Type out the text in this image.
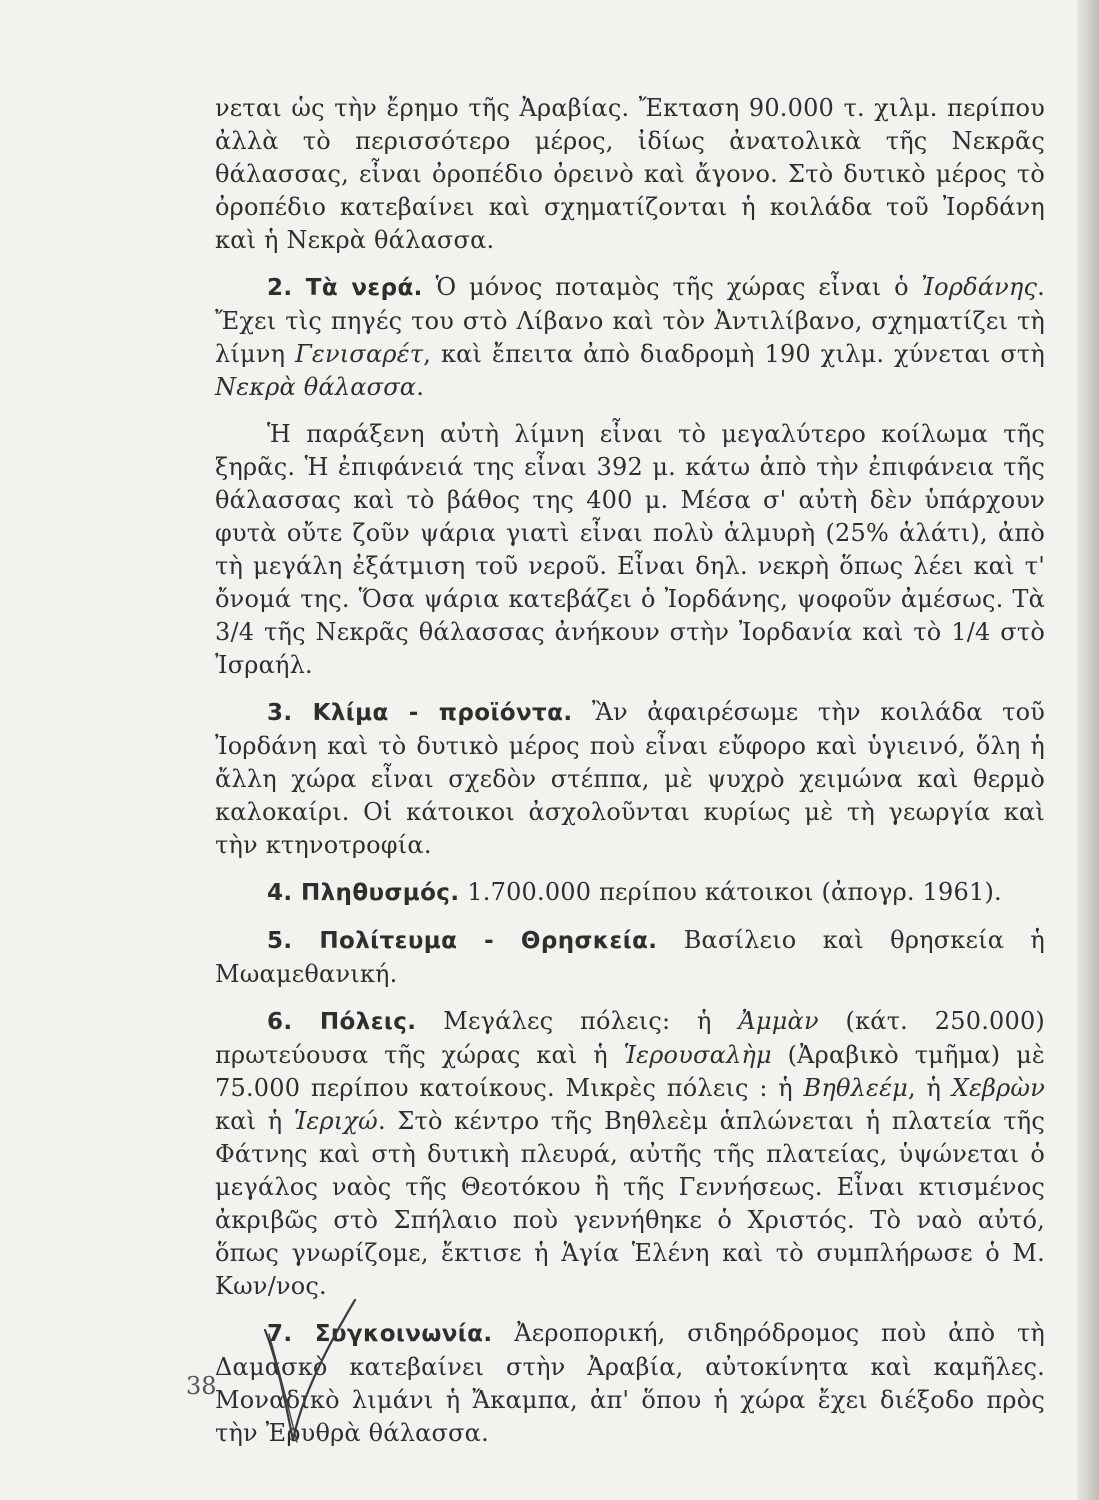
νεται ὡς τὴν ἔρημο τῆς Ἀραβίας. Ἔκταση 90.000 τ. χιλμ. περίπου ἀλλὰ τὸ περισσότερο μέρος, ἰδίως ἀνατολικὰ τῆς Νεκρᾶς θάλασσας, εἶναι ὀροπέδιο ὀρεινὸ καὶ ἄγονο. Στὸ δυτικὸ μέρος τὸ ὀροπέδιο κατεβαίνει καὶ σχηματίζονται ἡ κοιλάδα τοῦ Ἰορδάνη καὶ ἡ Νεκρὰ θάλασσα.

2. Τὰ νερά. Ὁ μόνος ποταμὸς τῆς χώρας εἶναι ὁ Ἰορδάνης. Ἔχει τὶς πηγές του στὸ Λίβανο καὶ τὸν Ἀντιλίβανο, σχηματίζει τὴ λίμνη Γενισαρέτ, καὶ ἔπειτα ἀπὸ διαδρομὴ 190 χιλμ. χύνεται στὴ Νεκρὰ θάλασσα.

Ἡ παράξενη αὐτὴ λίμνη εἶναι τὸ μεγαλύτερο κοίλωμα τῆς ξηρᾶς. Ἡ ἐπιφάνειά της εἶναι 392 μ. κάτω ἀπὸ τὴν ἐπιφάνεια τῆς θάλασσας καὶ τὸ βάθος της 400 μ. Μέσα σ' αὐτὴ δὲν ὑπάρχουν φυτὰ οὔτε ζοῦν ψάρια γιατὶ εἶναι πολὺ ἁλμυρὴ (25% ἁλάτι), ἀπὸ τὴ μεγάλη ἐξάτμιση τοῦ νεροῦ. Εἶναι δηλ. νεκρὴ ὅπως λέει καὶ τ' ὄνομά της. Ὅσα ψάρια κατεβάζει ὁ Ἰορδάνης, ψοφοῦν ἀμέσως. Τὰ 3/4 τῆς Νεκρᾶς θάλασσας ἀνήκουν στὴν Ἰορδανία καὶ τὸ 1/4 στὸ Ἰσραήλ.

3. Κλίμα - προϊόντα. Ἂν ἀφαιρέσωμε τὴν κοιλάδα τοῦ Ἰορδάνη καὶ τὸ δυτικὸ μέρος ποὺ εἶναι εὔφορο καὶ ὑγιεινό, ὅλη ἡ ἄλλη χώρα εἶναι σχεδὸν στέππα, μὲ ψυχρὸ χειμώνα καὶ θερμὸ καλοκαίρι. Οἱ κάτοικοι ἀσχολοῦνται κυρίως μὲ τὴ γεωργία καὶ τὴν κτηνοτροφία.

4. Πληθυσμός. 1.700.000 περίπου κάτοικοι (ἀπογρ. 1961).

5. Πολίτευμα - Θρησκεία. Βασίλειο καὶ θρησκεία ἡ Μωαμεθανική.

6. Πόλεις. Μεγάλες πόλεις: ἡ Ἀμμὰν (κάτ. 250.000) πρωτεύουσα τῆς χώρας καὶ ἡ Ἱερουσαλὴμ (Ἀραβικὸ τμῆμα) μὲ 75.000 περίπου κατοίκους. Μικρὲς πόλεις : ἡ Βηθλεέμ, ἡ Χεβρὼν καὶ ἡ Ἱεριχώ. Στὸ κέντρο τῆς Βηθλεὲμ ἁπλώνεται ἡ πλατεία τῆς Φάτνης καὶ στὴ δυτικὴ πλευρά, αὐτῆς τῆς πλατείας, ὑψώνεται ὁ μεγάλος ναὸς τῆς Θεοτόκου ἢ τῆς Γεννήσεως. Εἶναι κτισμένος ἀκριβῶς στὸ Σπήλαιο ποὺ γεννήθηκε ὁ Χριστός. Τὸ ναὸ αὐτό, ὅπως γνωρίζομε, ἔκτισε ἡ Ἁγία Ἑλένη καὶ τὸ συμπλήρωσε ὁ Μ. Κων/νος.

7. Συγκοινωνία. Ἀεροπορική, σιδηρόδρομος ποὺ ἀπὸ τὴ Δαμασκὸ κατεβαίνει στὴν Ἀραβία, αὐτοκίνητα καὶ καμῆλες. Μοναδικὸ λιμάνι ἡ Ἄκαμπα, ἀπ' ὅπου ἡ χώρα ἔχει διέξοδο πρὸς τὴν Ἐρυθρὰ θάλασσα.

38
